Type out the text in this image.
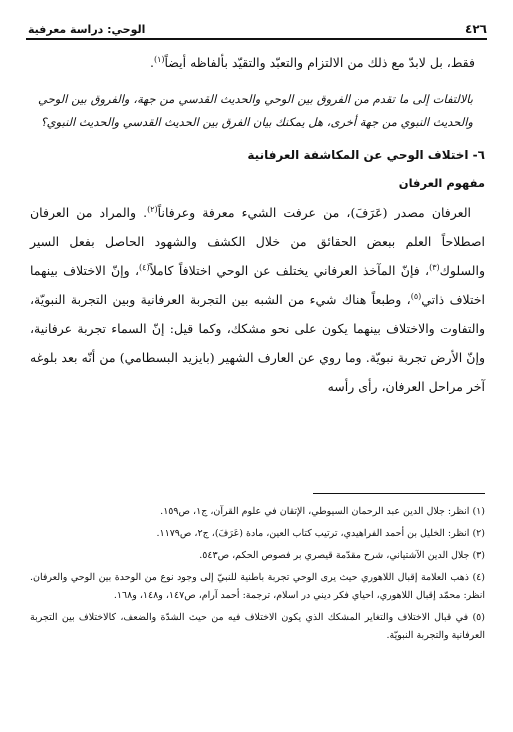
٤٢٦
الوحي: دراسة معرفية

فقط، بل لابدّ مع ذلك من الالتزام والتعبّد والتقيّد بألفاظه أيضاً$^{(١)}$.

بالالتفات إلى ما تقدم من الفروق بين الوحي والحديث القدسي من جهة، والفروق بين الوحي والحديث النبوي من جهة أخرى، هل يمكنك بيان الفرق بين الحديث القدسي والحديث النبوي؟

٦- اختلاف الوحي عن المكاشفة العرفانية

مفهوم العرفان

العرفان مصدر (عَرَفَ)، من عرفت الشيء معرفة وعرفاناً$^{(٢)}$. والمراد من العرفان اصطلاحاً العلم ببعض الحقائق من خلال الكشف والشهود الحاصل بفعل السير والسلوك$^{(٣)}$، فإنّ المآخذ العرفاني يختلف عن الوحي اختلافاً كاملاً$^{(٤)}$، وإنّ الاختلاف بينهما اختلاف ذاتي$^{(٥)}$، وطبعاً هناك شيء من الشبه بين التجربة العرفانية وبين التجربة النبويّة، والتفاوت والاختلاف بينهما يكون على نحو مشكك، وكما قيل: إنّ السماء تجربة عرفانية، وإنّ الأرض تجربة نبويّة. وما روي عن العارف الشهير (بايزيد البسطامي) من أنّه بعد بلوغه آخر مراحل العرفان، رأى رأسه

(١) انظر: جلال الدين عبد الرحمان السيوطي، الإتقان في علوم القرآن، ج١، ص١٥٩.

(٢) انظر: الخليل بن أحمد الفراهيدي، ترتيب كتاب العين، مادة (عَرَفَ)، ج٢، ص١١٧٩.

(٣) جلال الدين الآشتياني، شرح مقدّمة قيصري بر فصوص الحكم، ص٥٤٣.

(٤) ذهب العلامة إقبال اللاهوري حيث يرى الوحي تجربة باطنية للنبيّ إلى وجود نوع من الوحدة بين الوحي والعرفان. انظر: محمّد إقبال اللاهوري، احياي فكر ديني در اسلام، ترجمة: أحمد آرام، ص١٤٧، و١٤٨، و١٦٨.

(٥) في قبال الاختلاف والتغاير المشكك الذي يكون الاختلاف فيه من حيث الشدّة والضعف، كالاختلاف بين التجربة العرفانية والتجربة النبويّة.
